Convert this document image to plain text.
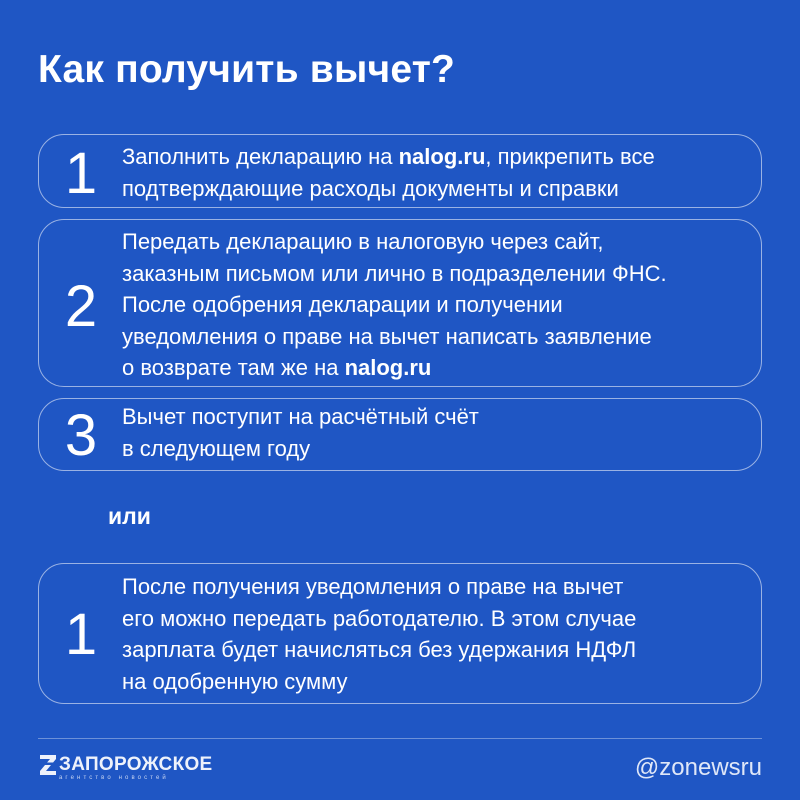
Как получить вычет?
1	Заполнить декларацию на nalog.ru, прикрепить все
подтверждающие расходы документы и справки
2
Передать декларацию в налоговую через сайт,
заказным письмом или лично в подразделении ФНС.
После одобрения декларации и получении
уведомления о праве на вычет написать заявление
о возврате там же на nalog.ru
3	Вычет поступит на расчётный счёт
в следующем году
или
1
После получения уведомления о праве на вычет
его можно передать работодателю. В этом случае
зарплата будет начисляться без удержания НДФЛ
на одобренную сумму
ЗАПОРОЖСКОЕ
агентство новостей	@zonewsru
